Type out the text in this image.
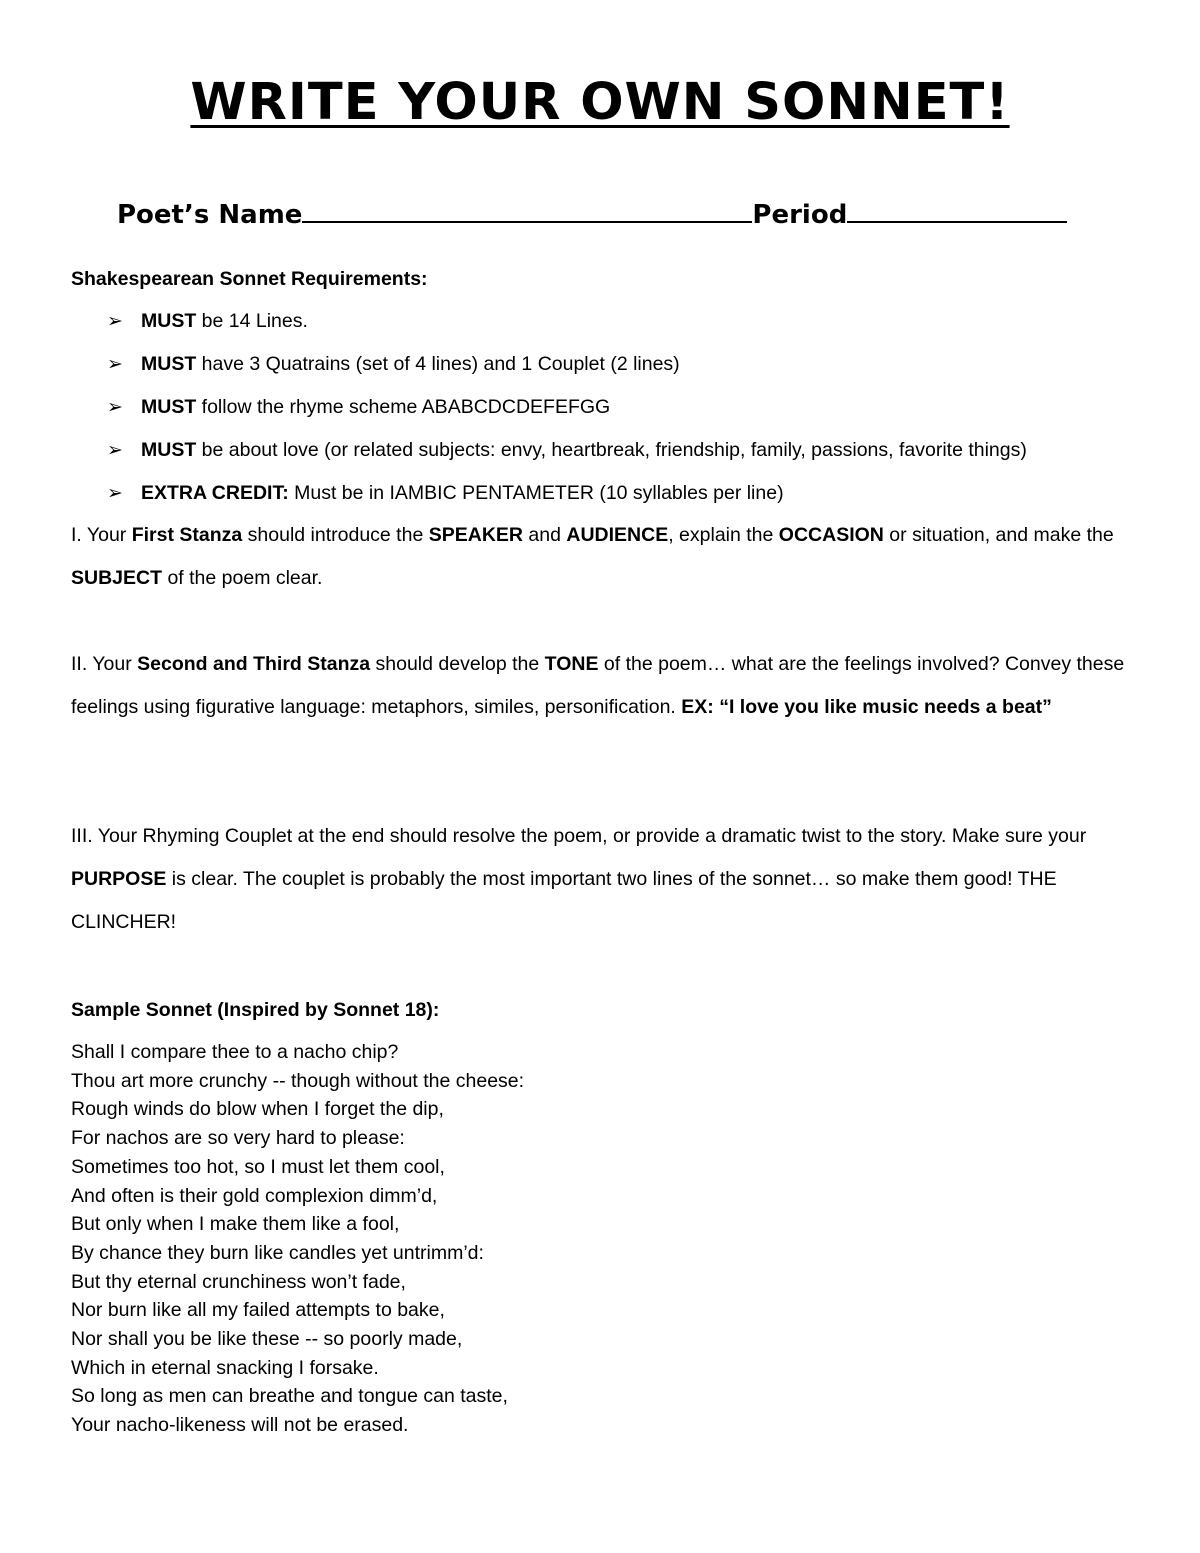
WRITE YOUR OWN SONNET!
Poet’s Name	Period
Shakespearean Sonnet Requirements:
➢ MUST be 14 Lines.
➢ MUST have 3 Quatrains (set of 4 lines) and 1 Couplet (2 lines)
➢ MUST follow the rhyme scheme ABABCDCDEFEFGG
➢ MUST be about love (or related subjects: envy, heartbreak, friendship, family, passions, favorite things)
➢ EXTRA CREDIT: Must be in IAMBIC PENTAMETER (10 syllables per line)

I. Your First Stanza should introduce the SPEAKER and AUDIENCE, explain the OCCASION or situation, and make the SUBJECT of the poem clear.

II. Your Second and Third Stanza should develop the TONE of the poem… what are the feelings involved? Convey these feelings using figurative language: metaphors, similes, personification. EX: “I love you like music needs a beat”

III. Your Rhyming Couplet at the end should resolve the poem, or provide a dramatic twist to the story. Make sure your PURPOSE is clear. The couplet is probably the most important two lines of the sonnet… so make them good! THE CLINCHER!

Sample Sonnet (Inspired by Sonnet 18):
Shall I compare thee to a nacho chip?
Thou art more crunchy -- though without the cheese:
Rough winds do blow when I forget the dip,
For nachos are so very hard to please:
Sometimes too hot, so I must let them cool,
And often is their gold complexion dimm’d,
But only when I make them like a fool,
By chance they burn like candles yet untrimm’d:
But thy eternal crunchiness won’t fade,
Nor burn like all my failed attempts to bake,
Nor shall you be like these -- so poorly made,
Which in eternal snacking I forsake.
So long as men can breathe and tongue can taste,
Your nacho-likeness will not be erased.
